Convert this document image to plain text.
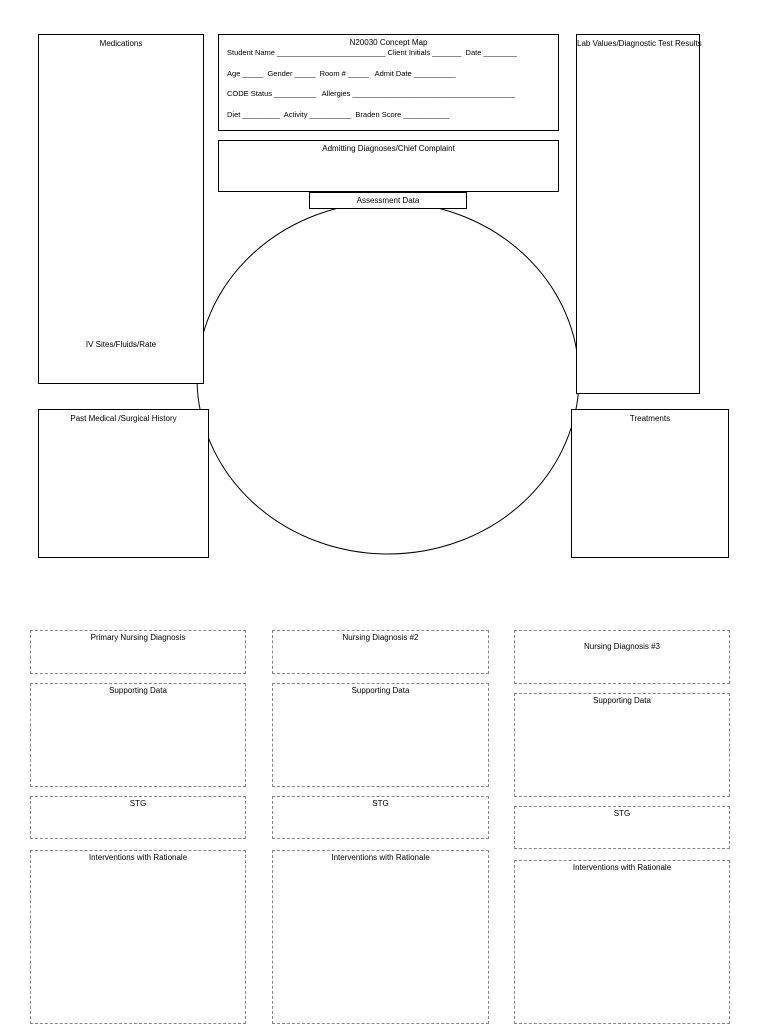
Medications
IV Sites/Fluids/Rate
N20030 Concept Map
Student Name __________________________ Client Initials _______  Date ________
Age _____  Gender _____  Room # _____   Admit Date __________
CODE Status __________   Allergies _______________________________________
Diet _________  Activity __________  Braden Score ___________
Lab Values/Diagnostic Test Results
Admitting Diagnoses/Chief Complaint
Assessment Data
Past Medical /Surgical History	Treatments
Primary Nursing Diagnosis
Supporting Data
STG
Interventions with Rationale
Nursing Diagnosis #2
Supporting Data
STG
Interventions with Rationale
Nursing Diagnosis #3
Supporting Data
STG
Interventions with Rationale
